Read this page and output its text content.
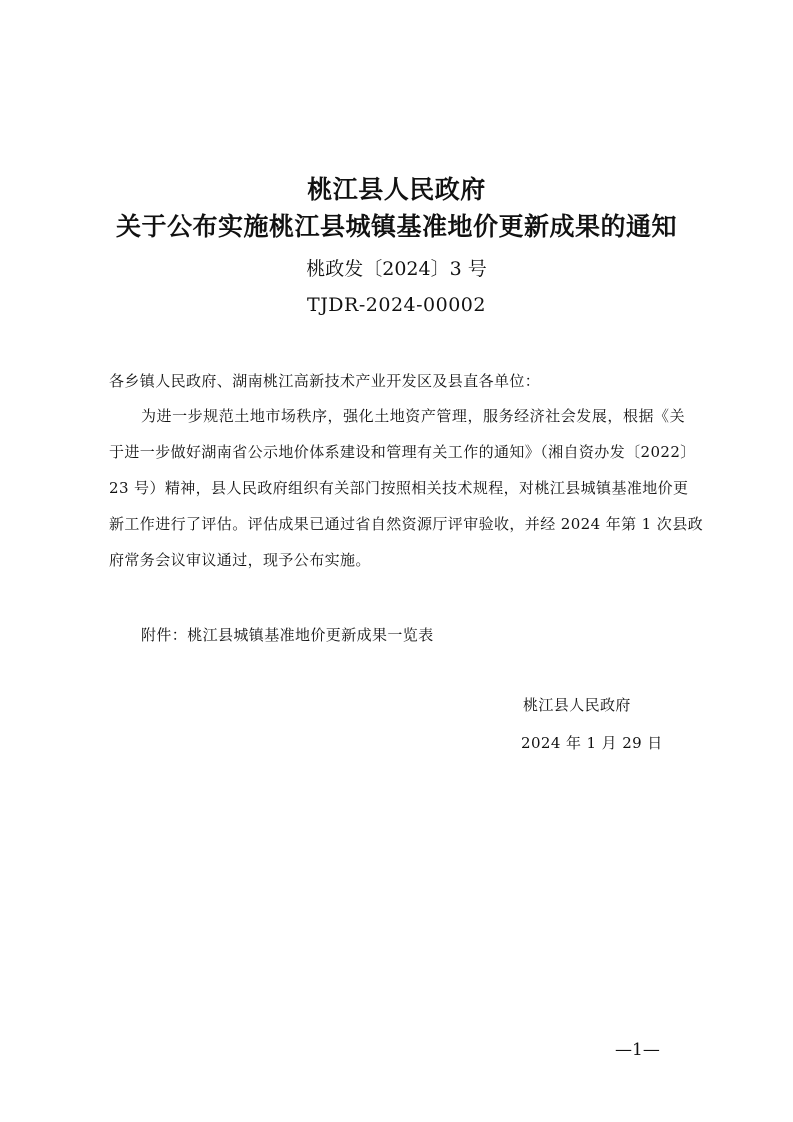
桃江县人民政府
关于公布实施桃江县城镇基准地价更新成果的通知
桃政发〔2024〕3 号
TJDR-2024-00002
各乡镇人民政府、湖南桃江高新技术产业开发区及县直各单位：
为进一步规范土地市场秩序，强化土地资产管理，服务经济社会发展，根据《关
于进一步做好湖南省公示地价体系建设和管理有关工作的通知》（湘自资办发〔2022〕
23 号）精神，县人民政府组织有关部门按照相关技术规程，对桃江县城镇基准地价更
新工作进行了评估。评估成果已通过省自然资源厅评审验收，并经 2024 年第 1 次县政
府常务会议审议通过，现予公布实施。
附件：桃江县城镇基准地价更新成果一览表
桃江县人民政府
2024 年 1 月 29 日
—1—
